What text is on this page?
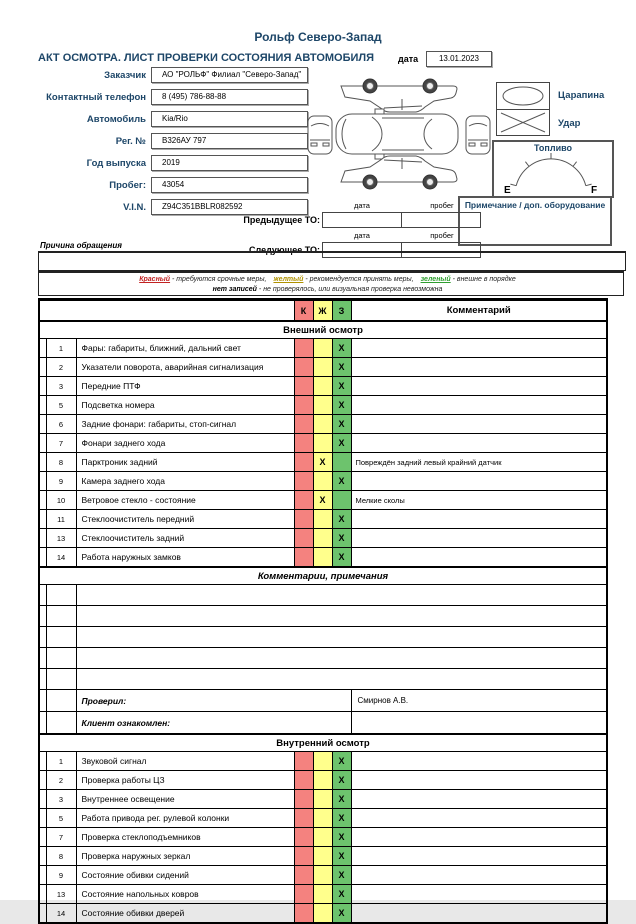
Рольф Северо-Запад
АКТ ОСМОТРА. ЛИСТ ПРОВЕРКИ СОСТОЯНИЯ АВТОМОБИЛЯ	дата	13.01.2023
Заказчик	АО "РОЛЬФ" Филиал "Северо-Запад"
Контактный телефон	8 (495) 786-88-88
Автомобиль	Kia/Rio
Рег. №	В326АУ 797
Год выпуска	2019
Пробег:	43054
V.I.N.	Z94C351BBLR082592
Царапина
Удар
Топливо
E	F
Примечание / доп. оборудование
дата	пробег
Предыдущее ТО:
дата	пробег
Следующее ТО:
Причина обращения
Красный - требуются срочные меры, желтый - рекомендуется принять меры, зеленый - внешне в порядке
нет записей - не проверялось, или визуальная проверка невозможна
			К	Ж	З	Комментарий
Внешний осмотр						
	1	Фары: габариты, ближний, дальний свет			X	
	2	Указатели поворота, аварийная сигнализация			X	
	3	Передние ПТФ			X	
	5	Подсветка номера			X	
	6	Задние фонари: габариты, стоп-сигнал			X	
	7	Фонари заднего хода			X	
	8	Парктроник задний		X		Повреждён задний левый крайний датчик
	9	Камера заднего хода			X	
	10	Ветровое стекло - состояние		X		Мелкие сколы
	11	Стеклоочиститель передний			X	
	13	Стеклоочиститель задний			X	
	14	Работа наружных замков			X	
Комментарии, примечания						

		Проверил:				Смирнов А.В.
		Клиент ознакомлен:				
Внутренний осмотр						
	1	Звуковой сигнал			X	
	2	Проверка работы ЦЗ			X	
	3	Внутреннее освещение			X	
	5	Работа привода рег. рулевой колонки			X	
	7	Проверка стеклоподъемников			X	
	8	Проверка наружных зеркал			X	
	9	Состояние обивки сидений			X	
	13	Состояние напольных ковров			X	
	14	Состояние обивки дверей			X	
